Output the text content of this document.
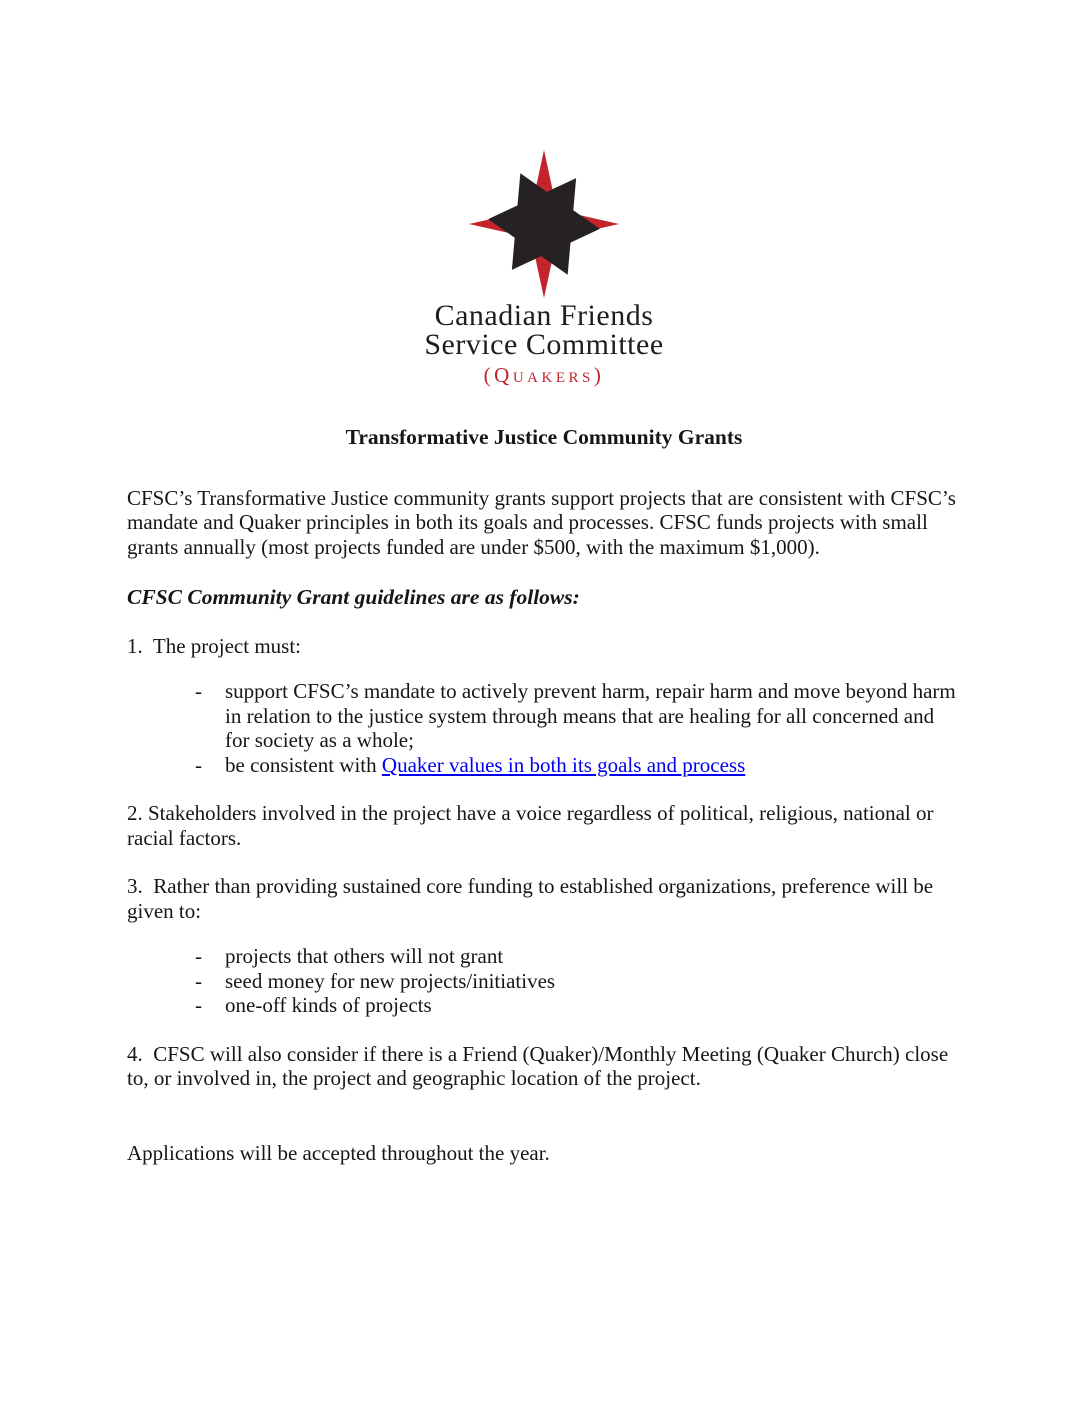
Canadian Friends
Service Committee
(Quakers)
Transformative Justice Community Grants

CFSC’s Transformative Justice community grants support projects that are consistent with CFSC’s mandate and Quaker principles in both its goals and processes. CFSC funds projects with small grants annually (most projects funded are under $500, with the maximum $1,000).

CFSC Community Grant guidelines are as follows:

1.  The project must:

- support CFSC’s mandate to actively prevent harm, repair harm and move beyond harm in relation to the justice system through means that are healing for all concerned and for society as a whole;
- be consistent with Quaker values in both its goals and process

2. Stakeholders involved in the project have a voice regardless of political, religious, national or racial factors.

3.  Rather than providing sustained core funding to established organizations, preference will be given to:

- projects that others will not grant
- seed money for new projects/initiatives
- one-off kinds of projects

4.  CFSC will also consider if there is a Friend (Quaker)/Monthly Meeting (Quaker Church) close to, or involved in, the project and geographic location of the project.

Applications will be accepted throughout the year.
